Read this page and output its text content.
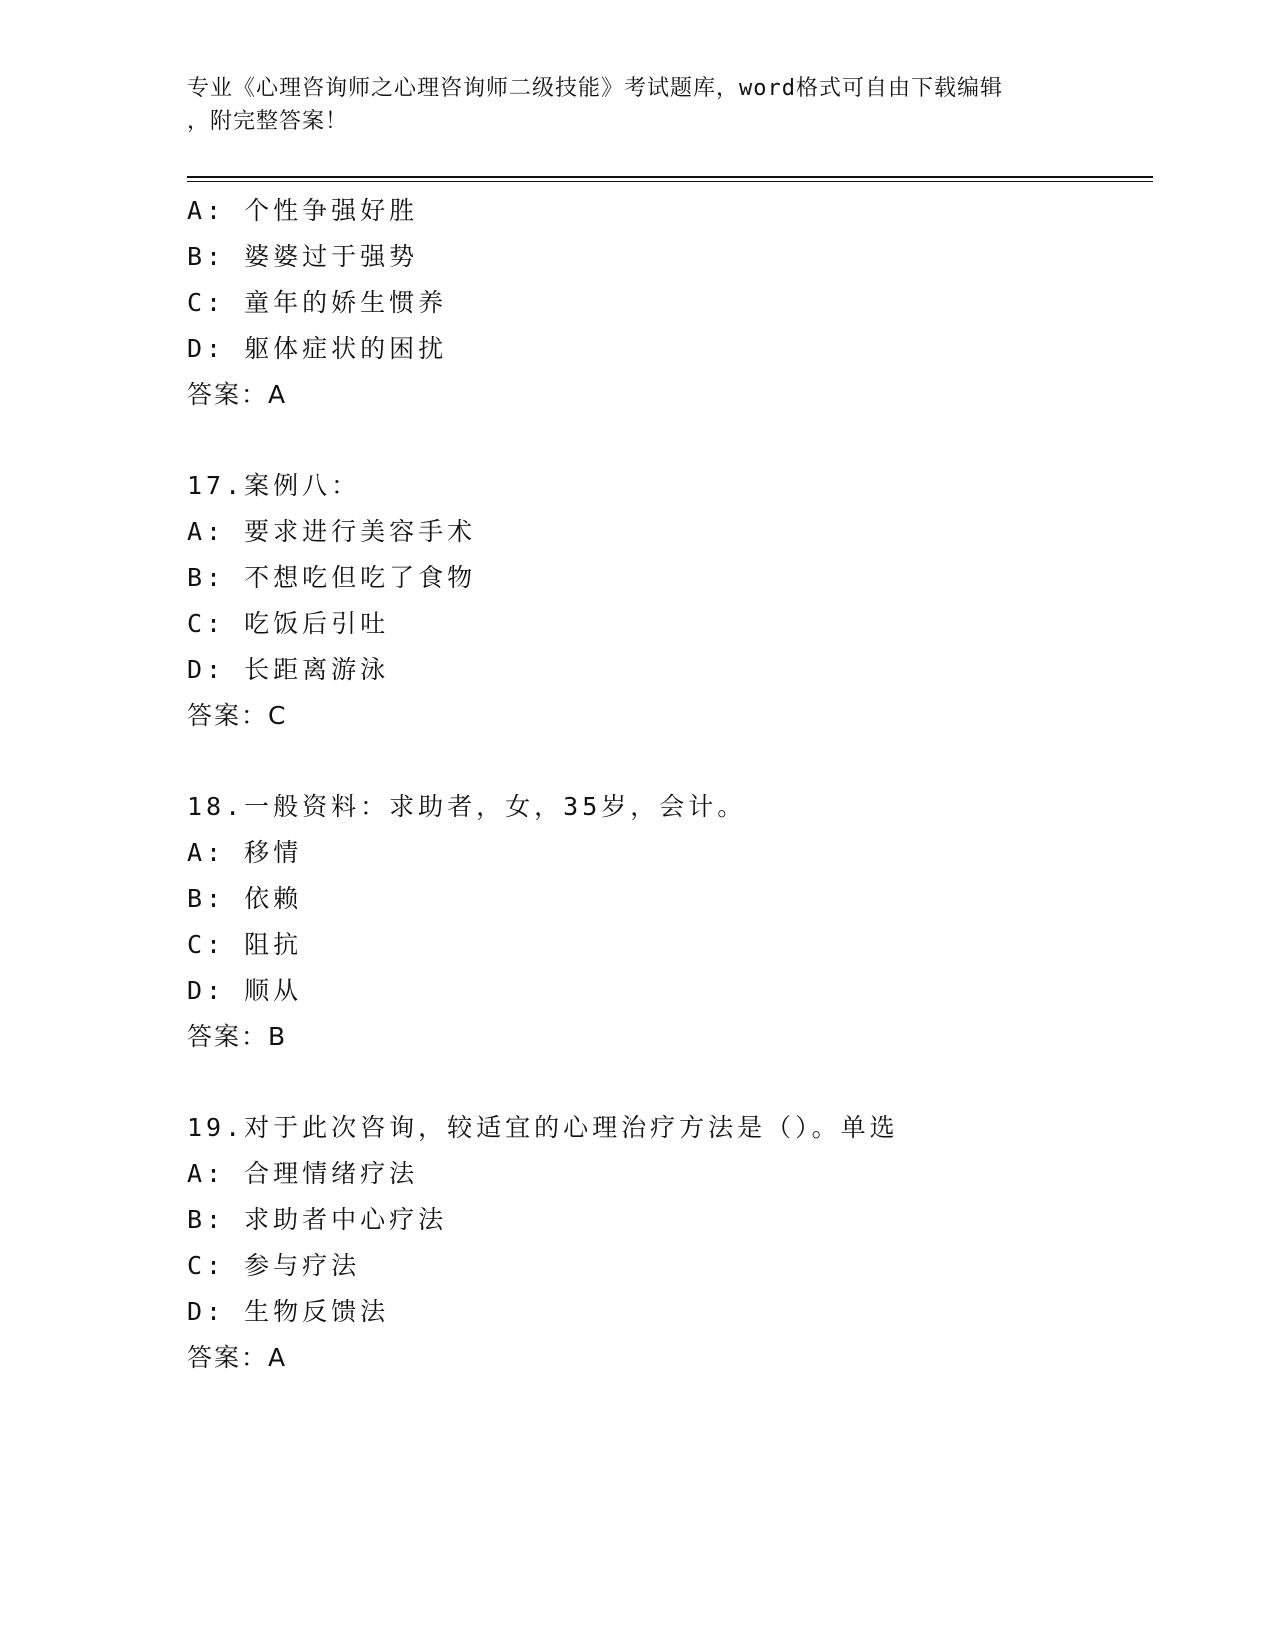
专业《心理咨询师之心理咨询师二级技能》考试题库，word格式可自由下载编辑
，附完整答案！
A: 个性争强好胜
B: 婆婆过于强势
C: 童年的娇生惯养
D: 躯体症状的困扰
答案：A
17.案例八：
A: 要求进行美容手术
B: 不想吃但吃了食物
C: 吃饭后引吐
D: 长距离游泳
答案：C
18.一般资料：求助者，女，35岁，会计。
A: 移情
B: 依赖
C: 阻抗
D: 顺从
答案：B
19.对于此次咨询，较适宜的心理治疗方法是（）。单选
A: 合理情绪疗法
B: 求助者中心疗法
C: 参与疗法
D: 生物反馈法
答案：A
